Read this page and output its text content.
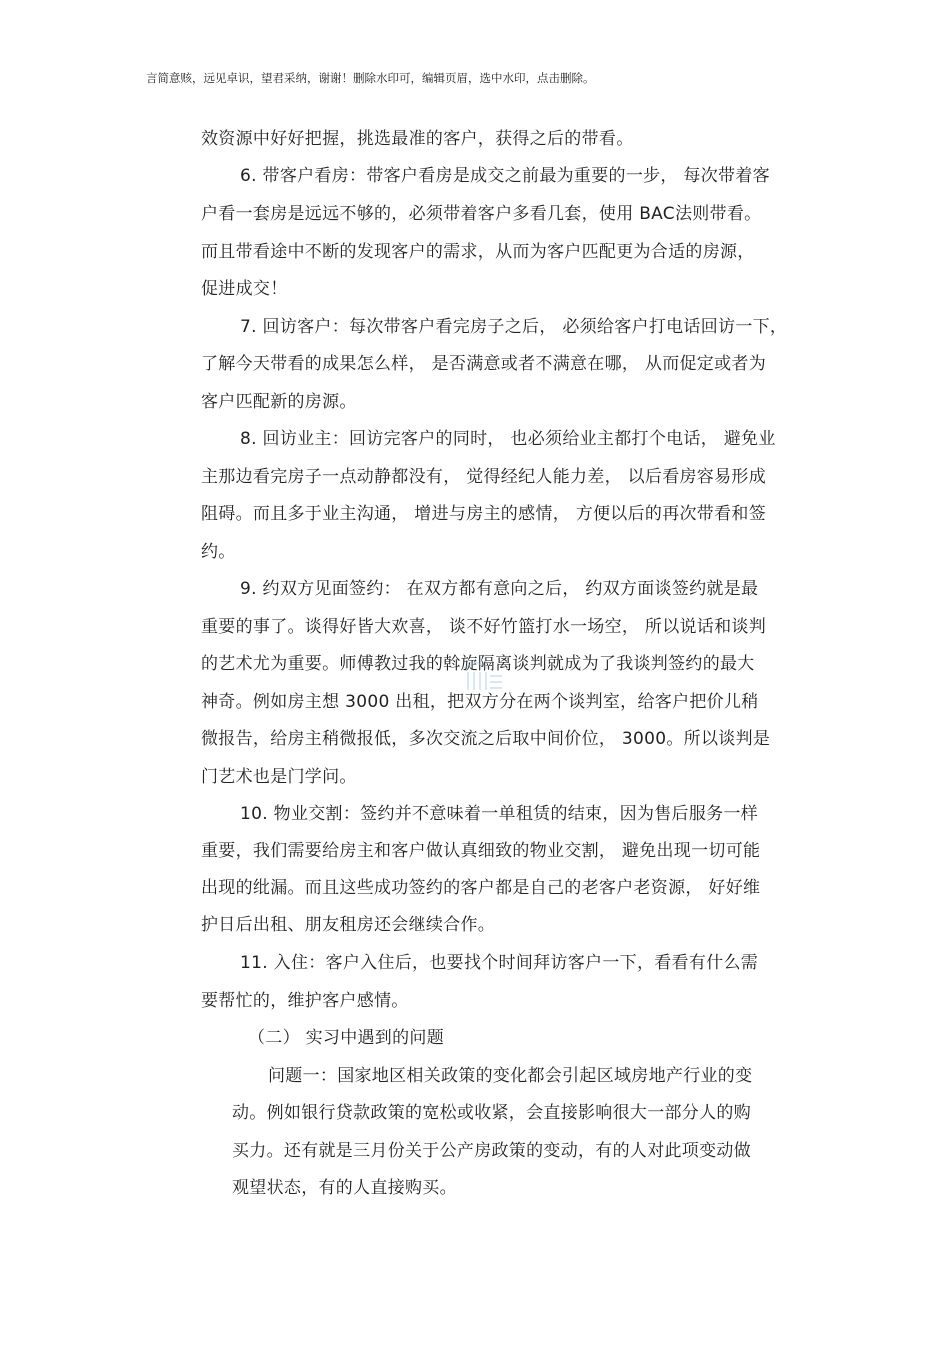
言简意赅，远见卓识，望君采纳，谢谢！删除水印可，编辑页眉，选中水印，点击删除。
效资源中好好把握，挑选最准的客户，获得之后的带看。
6. 带客户看房：带客户看房是成交之前最为重要的一步， 每次带着客
户看一套房是远远不够的，必须带着客户多看几套，使用 BAC法则带看。
而且带看途中不断的发现客户的需求，从而为客户匹配更为合适的房源，
促进成交！
7. 回访客户：每次带客户看完房子之后， 必须给客户打电话回访一下，
了解今天带看的成果怎么样， 是否满意或者不满意在哪， 从而促定或者为
客户匹配新的房源。
8. 回访业主：回访完客户的同时， 也必须给业主都打个电话， 避免业
主那边看完房子一点动静都没有， 觉得经纪人能力差， 以后看房容易形成
阻碍。而且多于业主沟通， 增进与房主的感情， 方便以后的再次带看和签
约。
9. 约双方见面签约： 在双方都有意向之后， 约双方面谈签约就是最
重要的事了。谈得好皆大欢喜， 谈不好竹篮打水一场空， 所以说话和谈判
的艺术尤为重要。师傅教过我的斡旋隔离谈判就成为了我谈判签约的最大
神奇。例如房主想 3000 出租，把双方分在两个谈判室，给客户把价儿稍
微报告，给房主稍微报低，多次交流之后取中间价位， 3000。所以谈判是
门艺术也是门学问。
10. 物业交割：签约并不意味着一单租赁的结束，因为售后服务一样
重要，我们需要给房主和客户做认真细致的物业交割， 避免出现一切可能
出现的纰漏。而且这些成功签约的客户都是自己的老客户老资源， 好好维
护日后出租、朋友租房还会继续合作。
11. 入住：客户入住后，也要找个时间拜访客户一下，看看有什么需
要帮忙的，维护客户感情。
（二） 实习中遇到的问题
问题一：国家地区相关政策的变化都会引起区域房地产行业的变
动。例如银行贷款政策的宽松或收紧，会直接影响很大一部分人的购
买力。还有就是三月份关于公产房政策的变动，有的人对此项变动做
观望状态，有的人直接购买。
